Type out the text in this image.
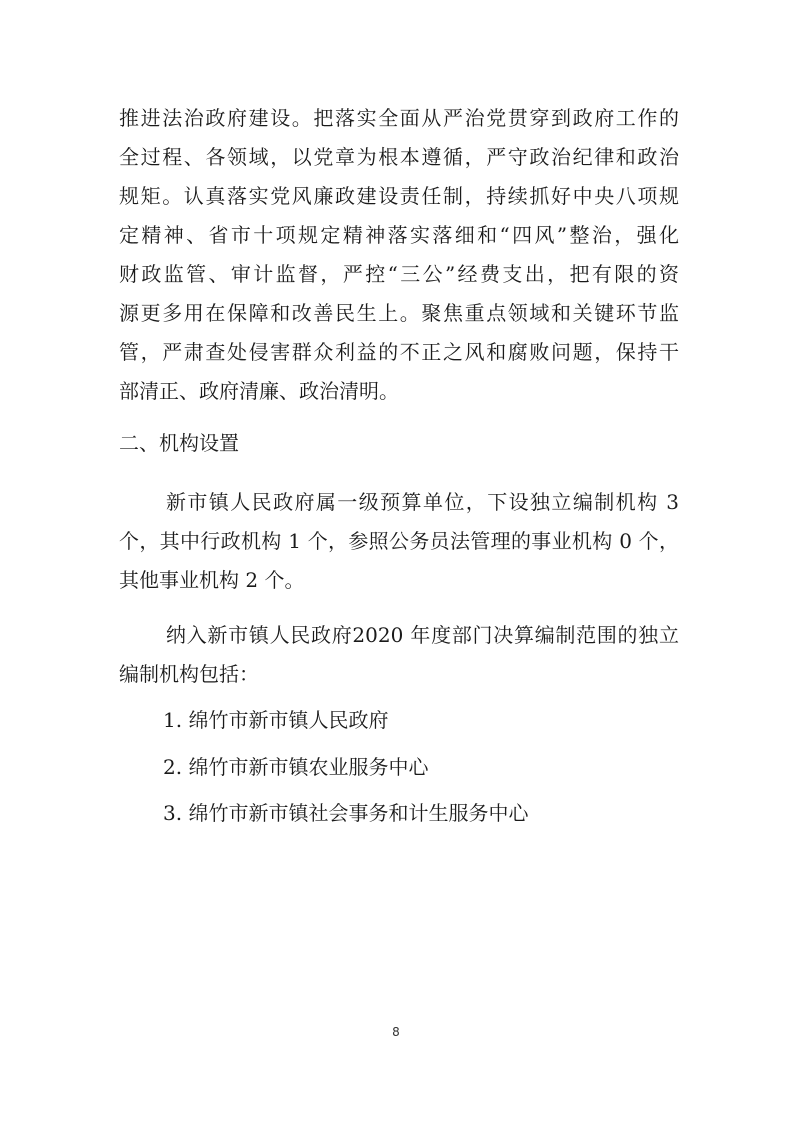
推进法治政府建设。把落实全面从严治党贯穿到政府工作的
全过程、各领域，以党章为根本遵循，严守政治纪律和政治
规矩。认真落实党风廉政建设责任制，持续抓好中央八项规
定精神、省市十项规定精神落实落细和“四风”整治，强化
财政监管、审计监督，严控“三公”经费支出，把有限的资
源更多用在保障和改善民生上。聚焦重点领域和关键环节监
管，严肃查处侵害群众利益的不正之风和腐败问题，保持干
部清正、政府清廉、政治清明。
二、机构设置
新市镇人民政府属一级预算单位，下设独立编制机构 3
个，其中行政机构 1 个，参照公务员法管理的事业机构 0 个，
其他事业机构 2 个。
纳入新市镇人民政府2020 年度部门决算编制范围的独立
编制机构包括：
1. 绵竹市新市镇人民政府
2. 绵竹市新市镇农业服务中心
3. 绵竹市新市镇社会事务和计生服务中心
8
